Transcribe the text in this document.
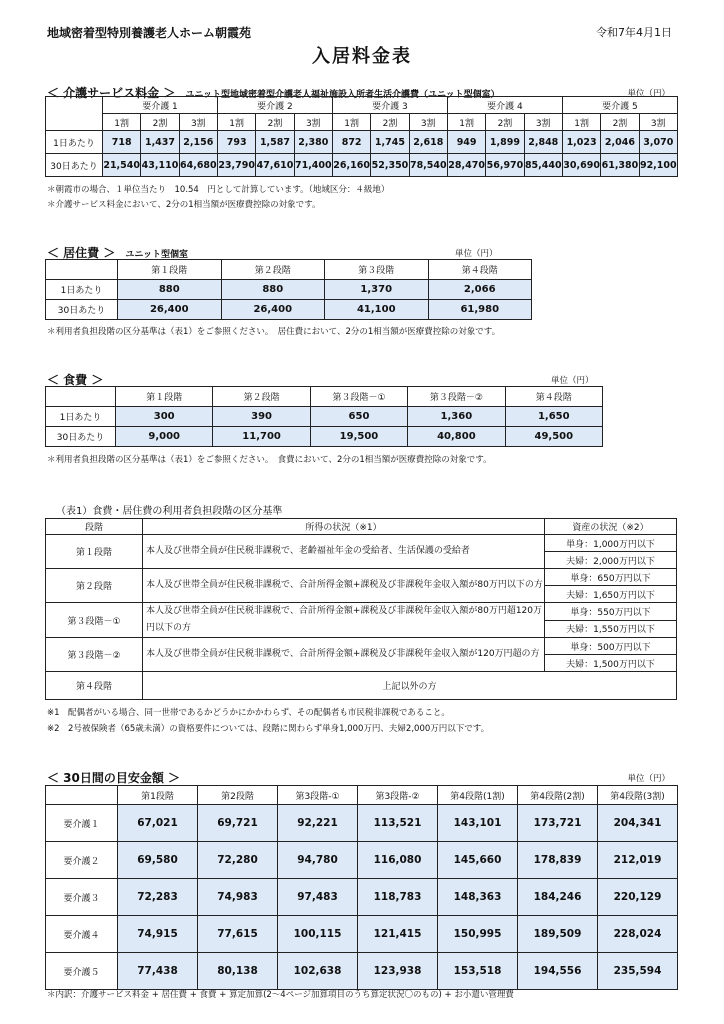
地域密着型特別養護老人ホーム朝霞苑	令和7年4月1日
入居料金表
＜ 介護サービス料金 ＞ ユニット型地域密着型介護老人福祉施設入所者生活介護費（ユニット型個室）	単位（円）
	要介護 1			要介護 2			要介護 3			要介護 4			要介護 5		
	1割	2割	3割	1割	2割	3割	1割	2割	3割	1割	2割	3割	1割	2割	3割
1日あたり	718	1,437	2,156	793	1,587	2,380	872	1,745	2,618	949	1,899	2,848	1,023	2,046	3,070
30日あたり	21,540	43,110	64,680	23,790	47,610	71,400	26,160	52,350	78,540	28,470	56,970	85,440	30,690	61,380	92,100
＊朝霞市の場合、１単位当たり　10.54　円として計算しています。（地域区分：４級地）
＊介護サービス料金において、2分の1相当額が医療費控除の対象です。
＜ 居住費 ＞ ユニット型個室	単位（円）
	第１段階	第２段階	第３段階	第４段階
1日あたり	880	880	1,370	2,066
30日あたり	26,400	26,400	41,100	61,980
＊利用者負担段階の区分基準は（表1）をご参照ください。　居住費において、2分の1相当額が医療費控除の対象です。
＜ 食費 ＞	単位（円）
	第１段階	第２段階	第３段階－①	第３段階－②	第４段階
1日あたり	300	390	650	1,360	1,650
30日あたり	9,000	11,700	19,500	40,800	49,500
＊利用者負担段階の区分基準は（表1）をご参照ください。　食費において、2分の1相当額が医療費控除の対象です。
（表1）食費・居住費の利用者負担段階の区分基準
段階	所得の状況（※1）	資産の状況（※2）
第１段階	本人及び世帯全員が住民税非課税で、老齢福祉年金の受給者、生活保護の受給者	単身：1,000万円以下
		夫婦：2,000万円以下
第２段階	本人及び世帯全員が住民税非課税で、合計所得金額+課税及び非課税年金収入額が80万円以下の方	単身：650万円以下
		夫婦：1,650万円以下
第３段階－①	本人及び世帯全員が住民税非課税で、合計所得金額+課税及び非課税年金収入額が80万円超120万円以下の方	単身：550万円以下
		夫婦：1,550万円以下
第３段階－②	本人及び世帯全員が住民税非課税で、合計所得金額+課税及び非課税年金収入額が120万円超の方	単身：500万円以下
		夫婦：1,500万円以下
第４段階	上記以外の方	
※1　配偶者がいる場合、同一世帯であるかどうかにかかわらず、その配偶者も市民税非課税であること。
※2　2号被保険者（65歳未満）の資格要件については、段階に関わらず単身1,000万円、夫婦2,000万円以下です。
＜ 30日間の目安金額 ＞	単位（円）
	第1段階	第2段階	第3段階-①	第3段階-②	第4段階(1割)	第4段階(2割)	第4段階(3割)
要介護１	67,021	69,721	92,221	113,521	143,101	173,721	204,341
要介護２	69,580	72,280	94,780	116,080	145,660	178,839	212,019
要介護３	72,283	74,983	97,483	118,783	148,363	184,246	220,129
要介護４	74,915	77,615	100,115	121,415	150,995	189,509	228,024
要介護５	77,438	80,138	102,638	123,938	153,518	194,556	235,594
＊内訳：介護サービス料金 + 居住費 + 食費 + 算定加算(2～4ページ加算項目のうち算定状況〇のもの) + お小遣い管理費
